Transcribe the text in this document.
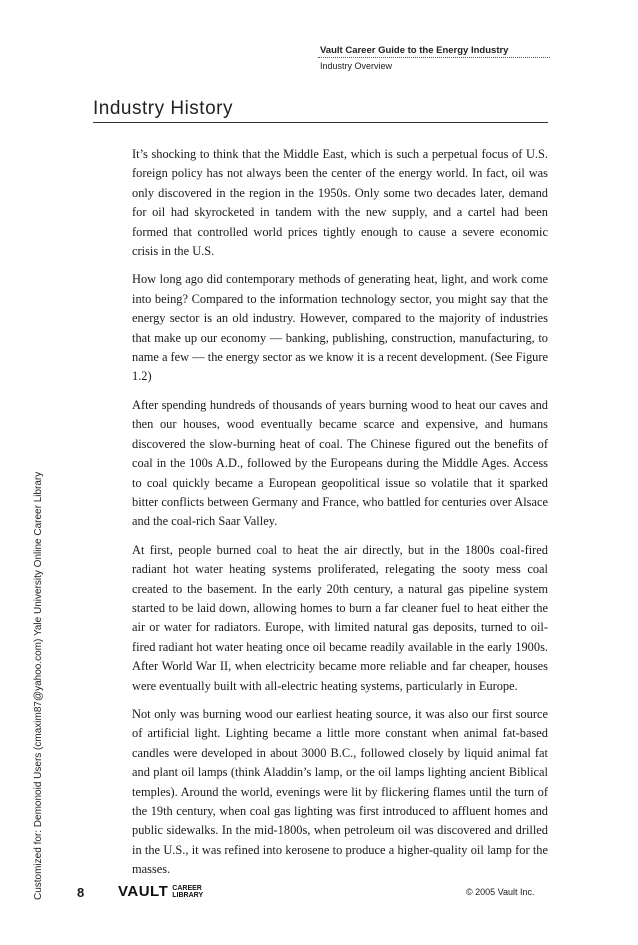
Vault Career Guide to the Energy Industry
Industry Overview
Industry History

It’s shocking to think that the Middle East, which is such a perpetual focus of U.S. foreign policy has not always been the center of the energy world. In fact, oil was only discovered in the region in the 1950s. Only some two decades later, demand for oil had skyrocketed in tandem with the new supply, and a cartel had been formed that controlled world prices tightly enough to cause a severe economic crisis in the U.S.

How long ago did contemporary methods of generating heat, light, and work come into being? Compared to the information technology sector, you might say that the energy sector is an old industry. However, compared to the majority of industries that make up our economy — banking, publishing, construction, manufacturing, to name a few — the energy sector as we know it is a recent development. (See Figure 1.2)

After spending hundreds of thousands of years burning wood to heat our caves and then our houses, wood eventually became scarce and expensive, and humans discovered the slow-burning heat of coal. The Chinese figured out the benefits of coal in the 100s A.D., followed by the Europeans during the Middle Ages. Access to coal quickly became a European geopolitical issue so volatile that it sparked bitter conflicts between Germany and France, who battled for centuries over Alsace and the coal-rich Saar Valley.

At first, people burned coal to heat the air directly, but in the 1800s coal-fired radiant hot water heating systems proliferated, relegating the sooty mess coal created to the basement. In the early 20th century, a natural gas pipeline system started to be laid down, allowing homes to burn a far cleaner fuel to heat either the air or water for radiators. Europe, with limited natural gas deposits, turned to oil-fired radiant hot water heating once oil became readily available in the early 1900s. After World War II, when electricity became more reliable and far cheaper, houses were eventually built with all-electric heating systems, particularly in Europe.

Not only was burning wood our earliest heating source, it was also our first source of artificial light. Lighting became a little more constant when animal fat-based candles were developed in about 3000 B.C., followed closely by liquid animal fat and plant oil lamps (think Aladdin’s lamp, or the oil lamps lighting ancient Biblical temples). Around the world, evenings were lit by flickering flames until the turn of the 19th century, when coal gas lighting was first introduced to affluent homes and public sidewalks. In the mid-1800s, when petroleum oil was discovered and drilled in the U.S., it was refined into kerosene to produce a higher-quality oil lamp for the masses.

Customized for: Demonoid Users (cmaxim87@yahoo.com) Yale University Online Career Library	8 VAULT CAREER
LIBRARY	© 2005 Vault Inc.
